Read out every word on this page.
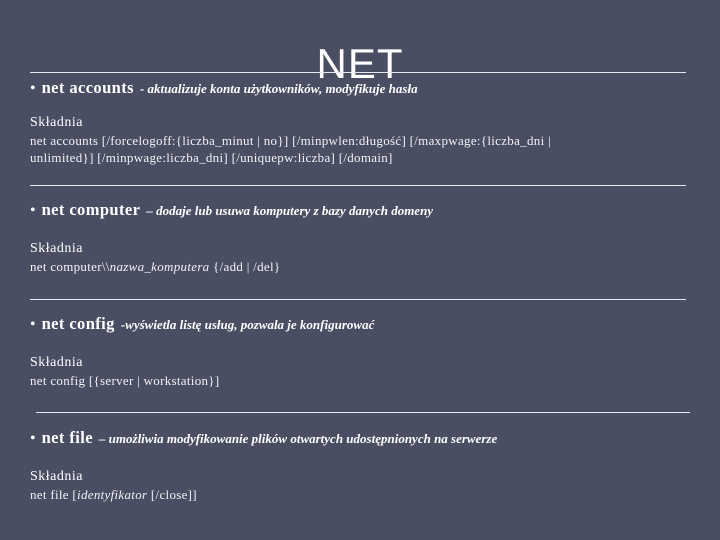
NET
• net accounts - aktualizuje konta użytkowników, modyfikuje hasła
Składnia
net accounts [/forcelogoff:{liczba_minut | no}] [/minpwlen:długość] [/maxpwage:{liczba_dni |
unlimited}] [/minpwage:liczba_dni] [/uniquepw:liczba] [/domain]
• net computer – dodaje lub usuwa komputery z bazy danych domeny
Składnia
net computer\\nazwa_komputera {/add | /del}
• net config -wyświetla listę usług, pozwala je konfigurować
Składnia
net config [{server | workstation}]
• net file – umożliwia modyfikowanie plików otwartych udostępnionych na serwerze
Składnia
net file [identyfikator [/close]]
